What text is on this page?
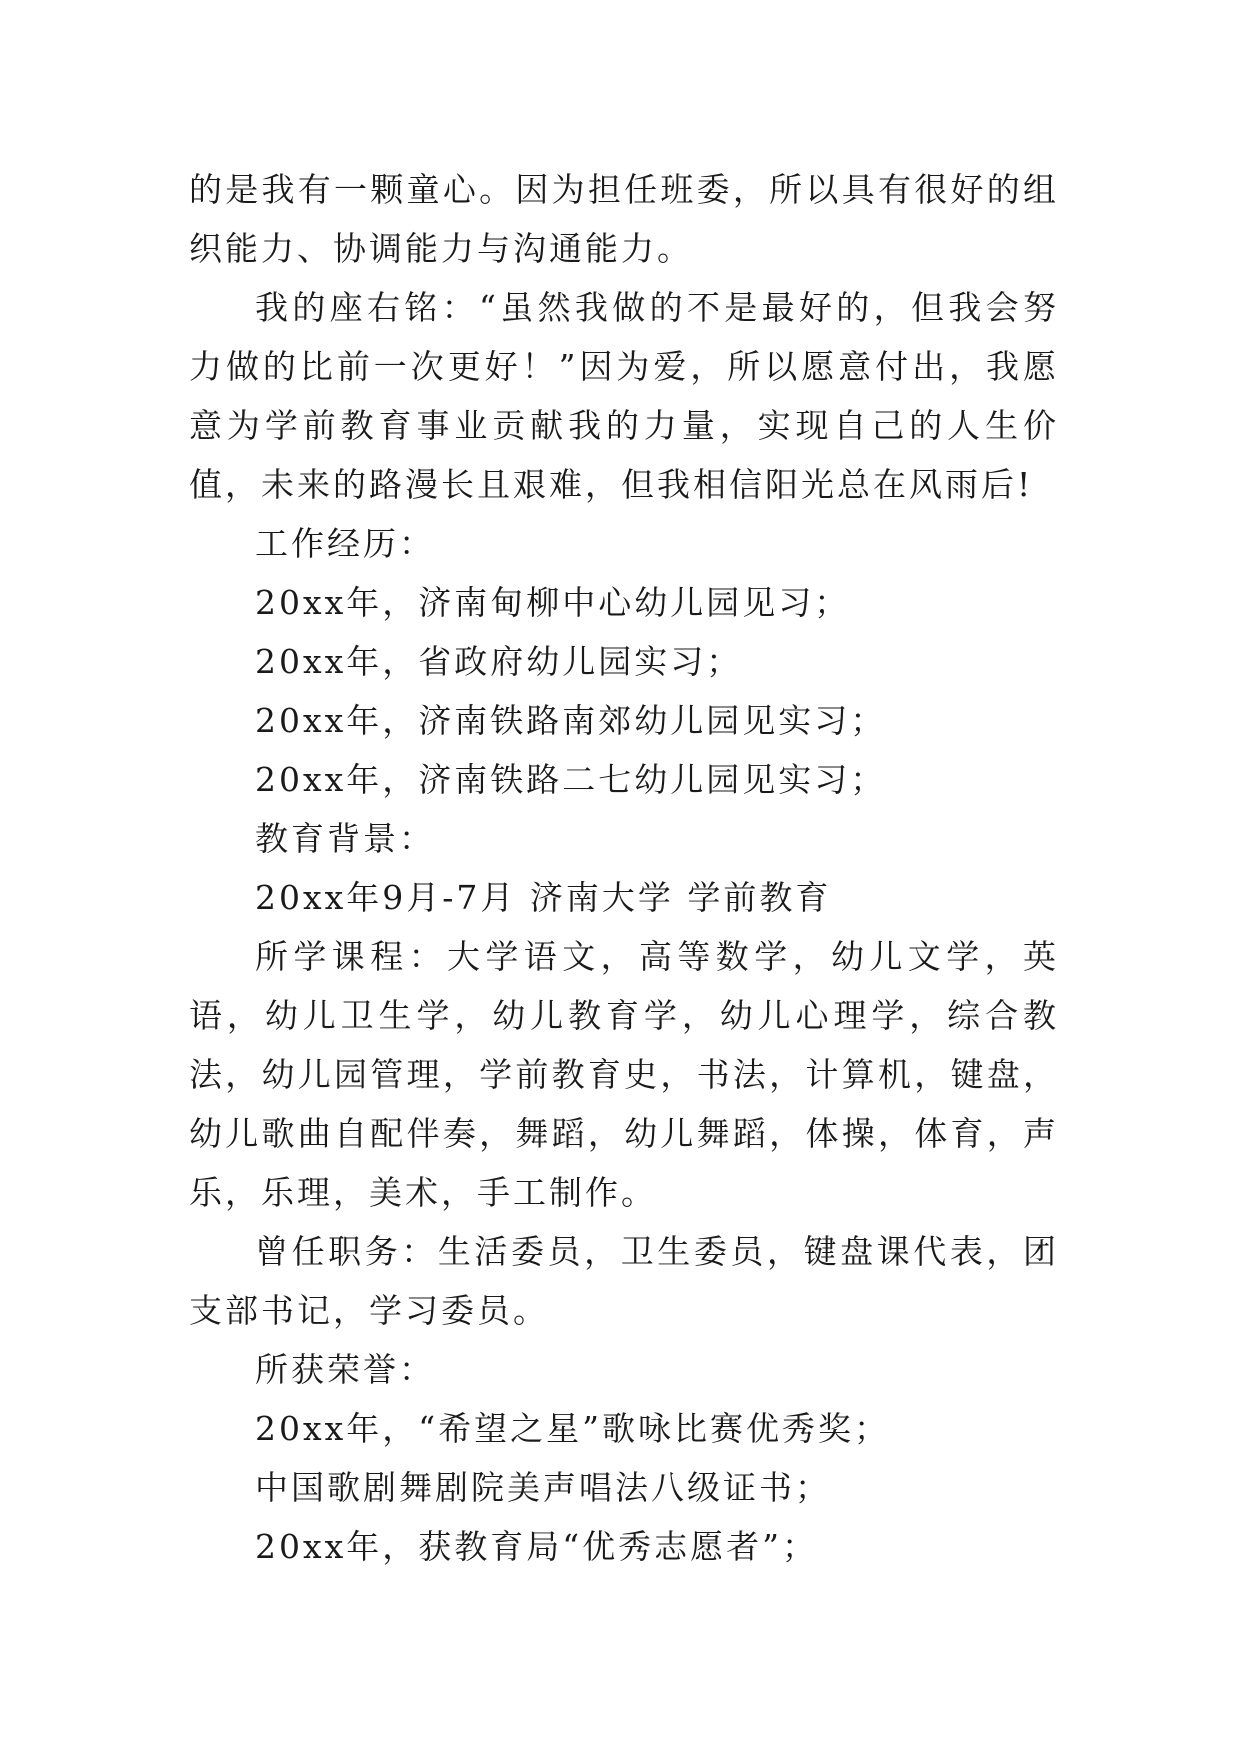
的是我有一颗童心。因为担任班委，所以具有很好的组织能力、协调能力与沟通能力。

我的座右铭：“虽然我做的不是最好的，但我会努力做的比前一次更好！”因为爱，所以愿意付出，我愿意为学前教育事业贡献我的力量，实现自己的人生价值，未来的路漫长且艰难，但我相信阳光总在风雨后!

工作经历：

20xx年，济南甸柳中心幼儿园见习；

20xx年，省政府幼儿园实习；

20xx年，济南铁路南郊幼儿园见实习；

20xx年，济南铁路二七幼儿园见实习；

教育背景：

20xx年9月-7月 济南大学 学前教育

所学课程：大学语文，高等数学，幼儿文学，英语，幼儿卫生学，幼儿教育学，幼儿心理学，综合教法，幼儿园管理，学前教育史，书法，计算机，键盘，幼儿歌曲自配伴奏，舞蹈，幼儿舞蹈，体操，体育，声乐，乐理，美术，手工制作。

曾任职务：生活委员，卫生委员，键盘课代表，团支部书记，学习委员。

所获荣誉：

20xx年，“希望之星”歌咏比赛优秀奖；

中国歌剧舞剧院美声唱法八级证书；

20xx年，获教育局“优秀志愿者”；
